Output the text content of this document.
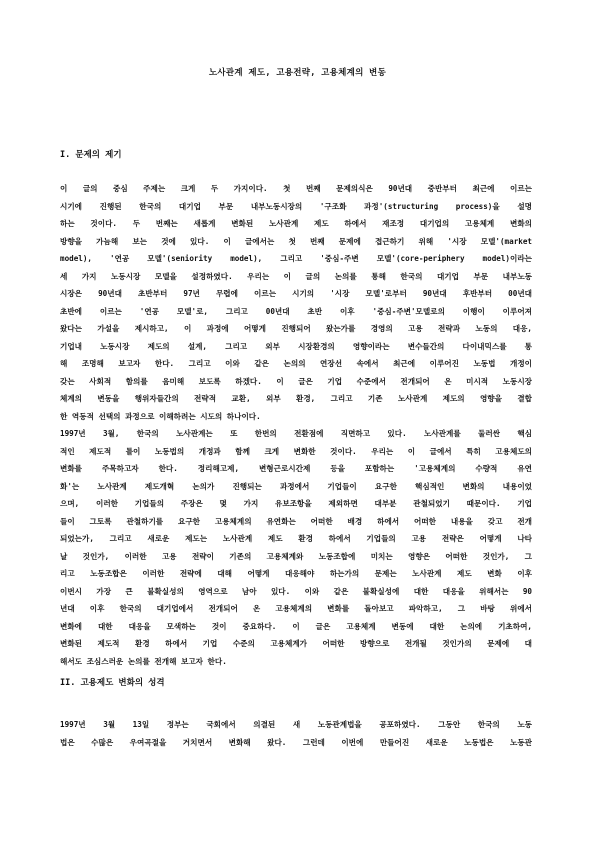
노사관계 제도, 고용전략, 고용체계의 변동
I. 문제의 제기
이 글의 중심 주제는 크게 두 가지이다. 첫 번째 문제의식은 90년대 중반부터 최근에 이르는
시기에 진행된 한국의 대기업 부문 내부노동시장의 '구조화 과정'(structuring process)을 설명
하는 것이다. 두 번째는 새롭게 변화된 노사관계 제도 하에서 재조정 대기업의 고용체계 변화의
방향을 가늠해 보는 것에 있다. 이 글에서는 첫 번째 문제에 접근하기 위해 '시장 모델'(market
model), '연공 모델'(seniority model), 그리고 '중심-주변 모델'(core-periphery model)이라는
세 가지 노동시장 모델을 설정하였다. 우리는 이 글의 논의를 통해 한국의 대기업 부문 내부노동
시장은 90년대 초반부터 97년 무렵에 이르는 시기의 '시장 모델'로부터 90년대 후반부터 00년대
초반에 이르는 '연공 모델'로, 그리고 00년대 초반 이후 '중심-주변'모델로의 이행이 이루어져
왔다는 가설을 제시하고, 이 과정에 어떻게 진행되어 왔는가를 경영의 고용 전략과 노동의 대응,
기업내 노동시장 제도의 설계, 그리고 외부 시장환경의 영향이라는 변수들간의 다이내믹스를 통
해 조명해 보고자 한다. 그리고 이와 같은 논의의 연장선 속에서 최근에 이루어진 노동법 개정이
갖는 사회적 함의를 음미해 보도록 하겠다. 이 글은 기업 수준에서 전개되어 온 미시적 노동시장
체계의 변동을 행위자들간의 전략적 교환, 외부 환경, 그리고 기존 노사관계 제도의 영향을 결합
한 역동적 선택의 과정으로 이해하려는 시도의 하나이다.
1997년 3월, 한국의 노사관계는 또 한번의 전환점에 직면하고 있다. 노사관계를 둘러싼 핵심
적인 제도적 틀이 노동법의 개정과 함께 크게 변화한 것이다. 우리는 이 글에서 특히 고용체도의
변화를 주목하고자 한다. 정리해고제, 변형근로시간제 등을 포함하는 '고용체계의 수량적 유연
화'는 노사관계 제도개혁 논의가 진행되는 과정에서 기업들이 요구한 핵심적인 변화의 내용이었
으며, 이러한 기업들의 주장은 몇 가지 유보조항을 제외하면 대부분 관철되었기 때문이다. 기업
들이 그토록 관철하기를 요구한 고용체계의 유연화는 어떠한 배경 하에서 어떠한 내용을 갖고 전개
되었는가, 그리고 새로운 제도는 노사관계 제도 환경 하에서 기업들의 고용 전략은 어떻게 나타
날 것인가, 이러한 고용 전략이 기존의 고용체계와 노동조합에 미치는 영향은 어떠한 것인가, 그
리고 노동조합은 이러한 전략에 대해 어떻게 대응해야 하는가의 문제는 노사관계 제도 변화 이후
이번시 가장 큰 불확실성의 영역으로 남아 있다. 이와 같은 불확실성에 대한 대응을 위해서는 90
년대 이후 한국의 대기업에서 전개되어 온 고용체계의 변화를 돌아보고 파악하고, 그 바탕 위에서
변화에 대한 대응을 모색하는 것이 중요하다. 이 글은 고용체계 변동에 대한 논의에 기초하여,
변화된 제도적 환경 하에서 기업 수준의 고용체계가 어떠한 방향으로 전개될 것인가의 문제에 대
해서도 조심스러운 논의를 전개해 보고자 한다.
II. 고용제도 변화의 성격
1997년 3월 13일 정부는 국회에서 의결된 새 노동관계법을 공포하였다. 그동안 한국의 노동
법은 수많은 우여곡절을 거치면서 변화해 왔다. 그런데 이번에 만들어진 새로운 노동법은 노동관
